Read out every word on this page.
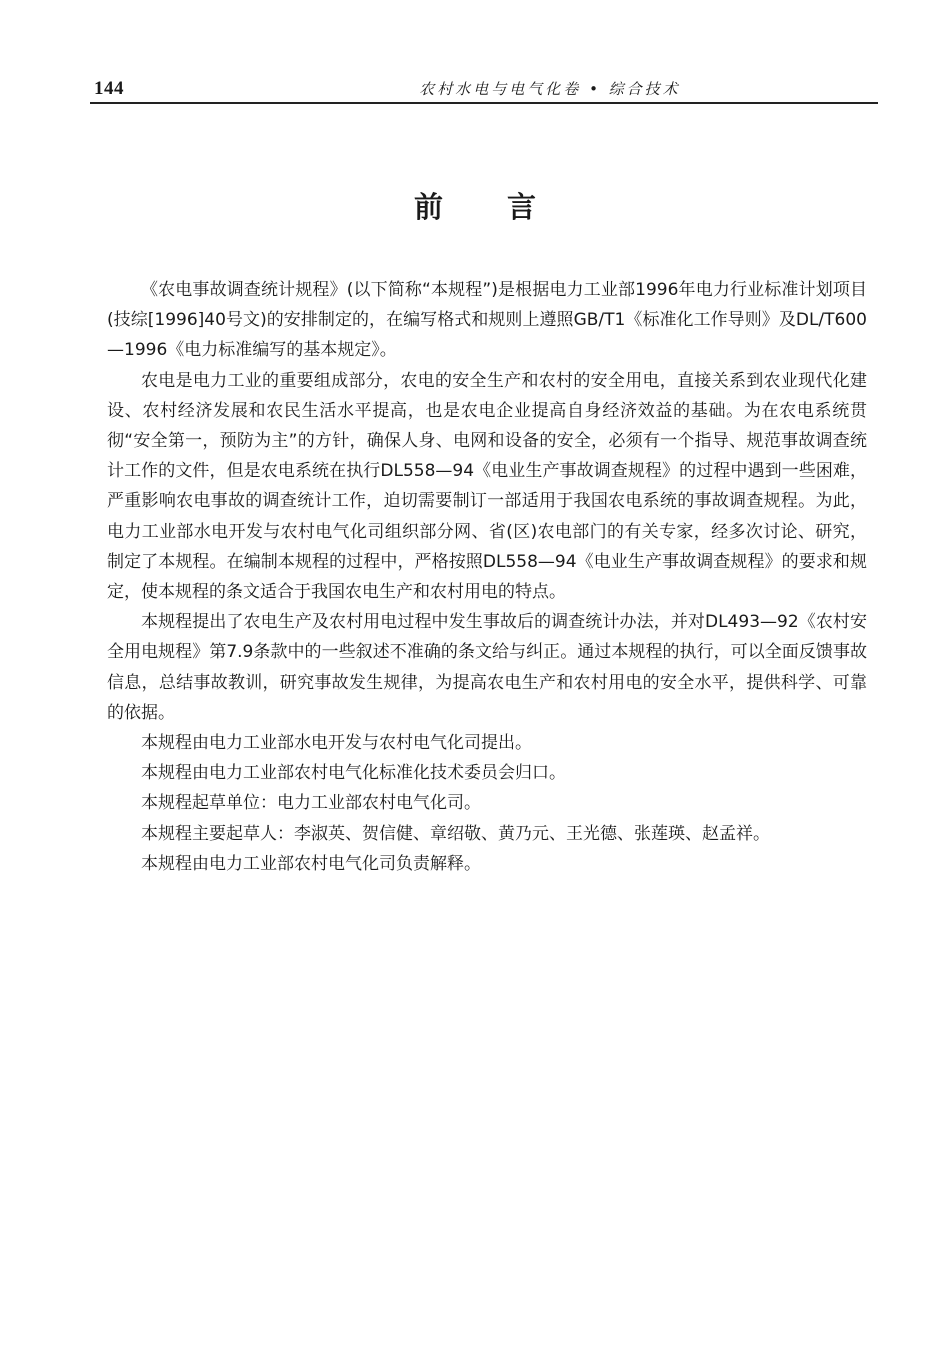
144	农村水电与电气化卷 • 综合技术
前言

《农电事故调查统计规程》(以下简称“本规程”)是根据电力工业部1996年电力行业标准计划项目(技综[1996]40号文)的安排制定的，在编写格式和规则上遵照GB/T1《标准化工作导则》及DL/T600—1996《电力标准编写的基本规定》。

农电是电力工业的重要组成部分，农电的安全生产和农村的安全用电，直接关系到农业现代化建设、农村经济发展和农民生活水平提高，也是农电企业提高自身经济效益的基础。为在农电系统贯彻“安全第一，预防为主”的方针，确保人身、电网和设备的安全，必须有一个指导、规范事故调查统计工作的文件，但是农电系统在执行DL558—94《电业生产事故调查规程》的过程中遇到一些困难，严重影响农电事故的调查统计工作，迫切需要制订一部适用于我国农电系统的事故调查规程。为此，电力工业部水电开发与农村电气化司组织部分网、省(区)农电部门的有关专家，经多次讨论、研究，制定了本规程。在编制本规程的过程中，严格按照DL558—94《电业生产事故调查规程》的要求和规定，使本规程的条文适合于我国农电生产和农村用电的特点。

本规程提出了农电生产及农村用电过程中发生事故后的调查统计办法，并对DL493—92《农村安全用电规程》第7.9条款中的一些叙述不准确的条文给与纠正。通过本规程的执行，可以全面反馈事故信息，总结事故教训，研究事故发生规律，为提高农电生产和农村用电的安全水平，提供科学、可靠的依据。

本规程由电力工业部水电开发与农村电气化司提出。

本规程由电力工业部农村电气化标准化技术委员会归口。

本规程起草单位：电力工业部农村电气化司。

本规程主要起草人：李淑英、贺信健、章绍敬、黄乃元、王光德、张莲瑛、赵孟祥。

本规程由电力工业部农村电气化司负责解释。
